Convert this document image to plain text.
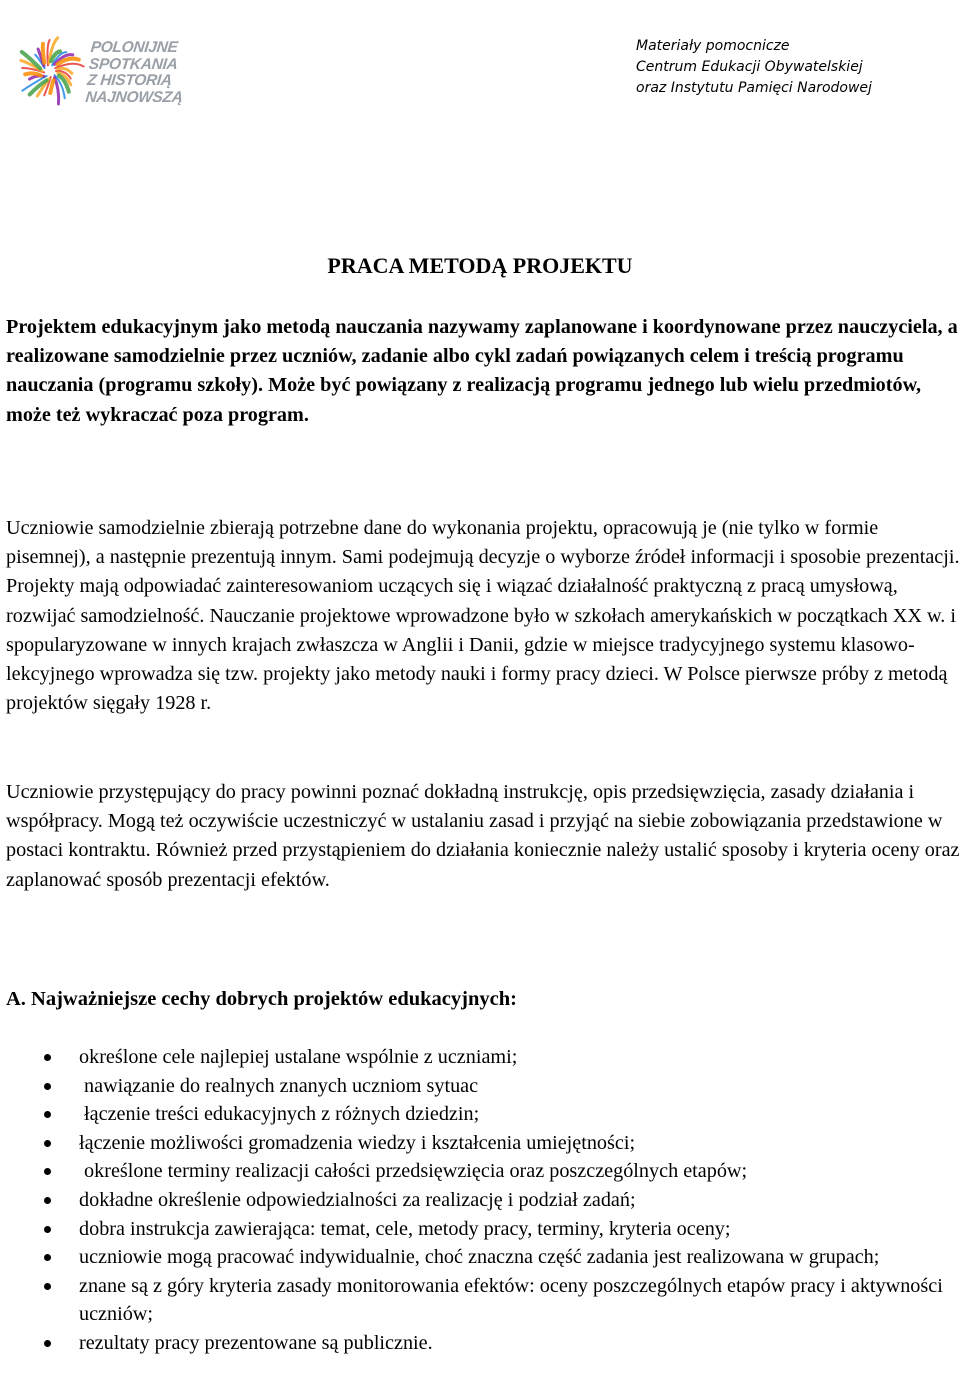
POLONIJNE
SPOTKANIA
Z HISTORIĄ
NAJNOWSZĄ
Materiały pomocnicze
Centrum Edukacji Obywatelskiej
oraz Instytutu Pamięci Narodowej
PRACA METODĄ PROJEKTU

Projektem edukacyjnym jako metodą nauczania nazywamy zaplanowane i koordynowane przez nauczyciela, a realizowane samodzielnie przez uczniów, zadanie albo cykl zadań powiązanych celem i treścią programu nauczania (programu szkoły). Może być powiązany z realizacją programu jednego lub wielu przedmiotów, może też wykraczać poza program.

Uczniowie samodzielnie zbierają potrzebne dane do wykonania projektu, opracowują je (nie tylko w formie pisemnej), a następnie prezentują innym. Sami podejmują decyzje o wyborze źródeł informacji i sposobie prezentacji. Projekty mają odpowiadać zainteresowaniom uczących się i wiązać działalność praktyczną z pracą umysłową, rozwijać samodzielność. Nauczanie projektowe wprowadzone było w szkołach amerykańskich w początkach XX w. i spopularyzowane w innych krajach zwłaszcza w Anglii i Danii, gdzie w miejsce tradycyjnego systemu klasowo-lekcyjnego wprowadza się tzw. projekty jako metody nauki i formy pracy dzieci. W Polsce pierwsze próby z metodą projektów sięgały 1928 r.

Uczniowie przystępujący do pracy powinni poznać dokładną instrukcję, opis przedsięwzięcia, zasady działania i współpracy. Mogą też oczywiście uczestniczyć w ustalaniu zasad i przyjąć na siebie zobowiązania przedstawione w postaci kontraktu. Również przed przystąpieniem do działania koniecznie należy ustalić sposoby i kryteria oceny oraz zaplanować sposób prezentacji efektów.

A. Najważniejsze cechy dobrych projektów edukacyjnych:
określone cele najlepiej ustalane wspólnie z uczniami;
nawiązanie do realnych znanych uczniom sytuac
łączenie treści edukacyjnych z różnych dziedzin;
łączenie możliwości gromadzenia wiedzy i kształcenia umiejętności;
określone terminy realizacji całości przedsięwzięcia oraz poszczególnych etapów;
dokładne określenie odpowiedzialności za realizację i podział zadań;
dobra instrukcja zawierająca: temat, cele, metody pracy, terminy, kryteria oceny;
uczniowie mogą pracować indywidualnie, choć znaczna część zadania jest realizowana w grupach;
znane są z góry kryteria zasady monitorowania efektów: oceny poszczególnych etapów pracy i aktywności uczniów;
rezultaty pracy prezentowane są publicznie.
